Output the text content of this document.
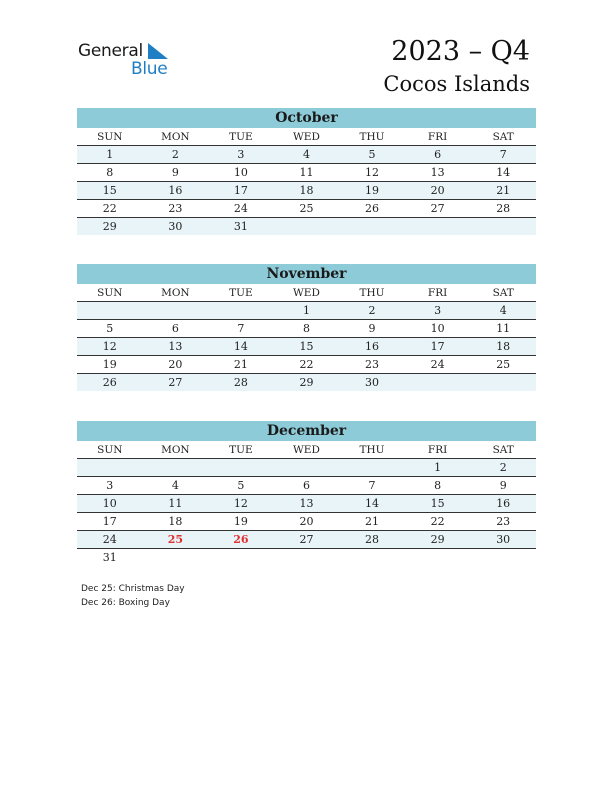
General
Blue
2023 – Q4
Cocos Islands
October
SUN	MON	TUE	WED	THU	FRI	SAT
1	2	3	4	5	6	7
8	9	10	11	12	13	14
15	16	17	18	19	20	21
22	23	24	25	26	27	28
29	30	31				
November
SUN	MON	TUE	WED	THU	FRI	SAT
			1	2	3	4
5	6	7	8	9	10	11
12	13	14	15	16	17	18
19	20	21	22	23	24	25
26	27	28	29	30		
December
SUN	MON	TUE	WED	THU	FRI	SAT
					1	2
3	4	5	6	7	8	9
10	11	12	13	14	15	16
17	18	19	20	21	22	23
24	25	26	27	28	29	30
31						
Dec 25: Christmas Day
Dec 26: Boxing Day
